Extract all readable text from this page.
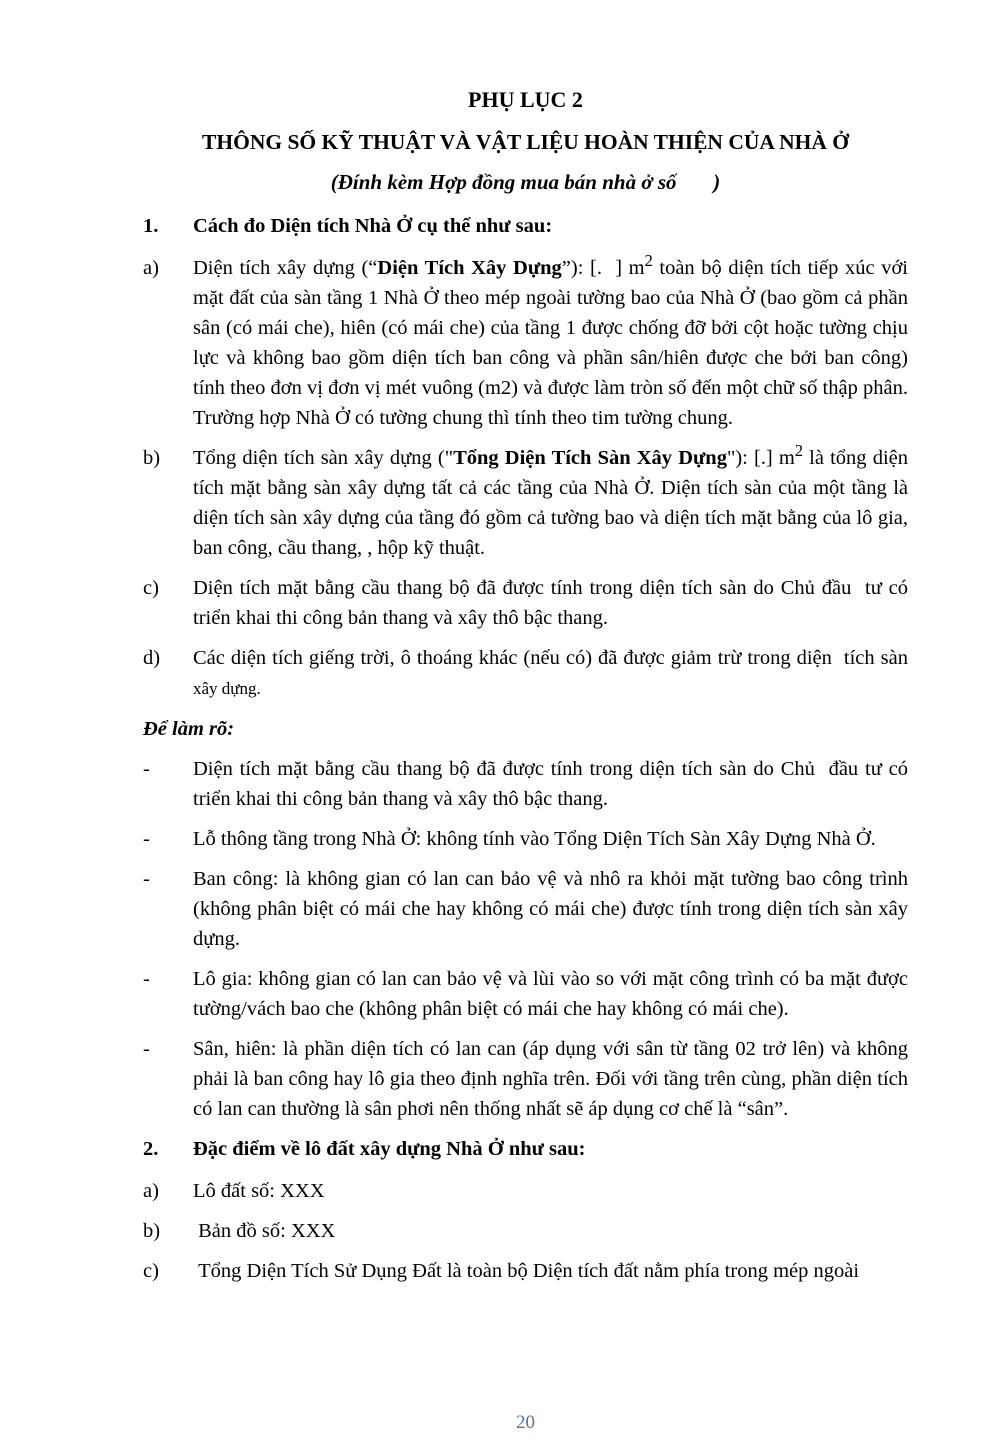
PHỤ LỤC 2
THÔNG SỐ KỸ THUẬT VÀ VẬT LIỆU HOÀN THIỆN CỦA NHÀ Ở
(Đính kèm Hợp đồng mua bán nhà ở số       )
1.	Cách đo Diện tích Nhà Ở cụ thể như sau:
a)	Diện tích xây dựng (“Diện Tích Xây Dựng”): [.  ] $m^2$ toàn bộ diện tích tiếp xúc với mặt đất của sàn tầng 1 Nhà Ở theo mép ngoài tường bao của Nhà Ở (bao gồm cả phần sân (có mái che), hiên (có mái che) của tầng 1 được chống đỡ bởi cột hoặc tường chịu lực và không bao gồm diện tích ban công và phần sân/hiên được che bởi ban công) tính theo đơn vị đơn vị mét vuông (m2) và được làm tròn số đến một chữ số thập phân. Trường hợp Nhà Ở có tường chung thì tính theo tim tường chung.
b)	Tổng diện tích sàn xây dựng ("Tổng Diện Tích Sàn Xây Dựng"): [.] $m^2$ là tổng diện tích mặt bằng sàn xây dựng tất cả các tầng của Nhà Ở. Diện tích sàn của một tầng là diện tích sàn xây dựng của tầng đó gồm cả tường bao và diện tích mặt bằng của lô gia, ban công, cầu thang, , hộp kỹ thuật.
c)	Diện tích mặt bằng cầu thang bộ đã được tính trong diện tích sàn do Chủ đầu  tư có triển khai thi công bản thang và xây thô bậc thang.
d)	Các diện tích giếng trời, ô thoáng khác (nếu có) đã được giảm trừ trong diện  tích sàn xây dựng.
Để làm rõ:
-	Diện tích mặt bằng cầu thang bộ đã được tính trong diện tích sàn do Chủ  đầu tư có triển khai thi công bản thang và xây thô bậc thang.
-	Lỗ thông tầng trong Nhà Ở: không tính vào Tổng Diện Tích Sàn Xây Dựng Nhà Ở.
-	Ban công: là không gian có lan can bảo vệ và nhô ra khỏi mặt tường bao công trình (không phân biệt có mái che hay không có mái che) được tính trong diện tích sàn xây dựng.
-	Lô gia: không gian có lan can bảo vệ và lùi vào so với mặt công trình có ba mặt được tường/vách bao che (không phân biệt có mái che hay không có mái che).
-	Sân, hiên: là phần diện tích có lan can (áp dụng với sân từ tầng 02 trở lên) và không phải là ban công hay lô gia theo định nghĩa trên. Đối với tầng trên cùng, phần diện tích có lan can thường là sân phơi nên thống nhất sẽ áp dụng cơ chế là “sân”.
2.	Đặc điểm về lô đất xây dựng Nhà Ở như sau:
a)	Lô đất số: XXX
b)	Bản đồ số: XXX
c)	Tổng Diện Tích Sử Dụng Đất là toàn bộ Diện tích đất nằm phía trong mép ngoài
20
